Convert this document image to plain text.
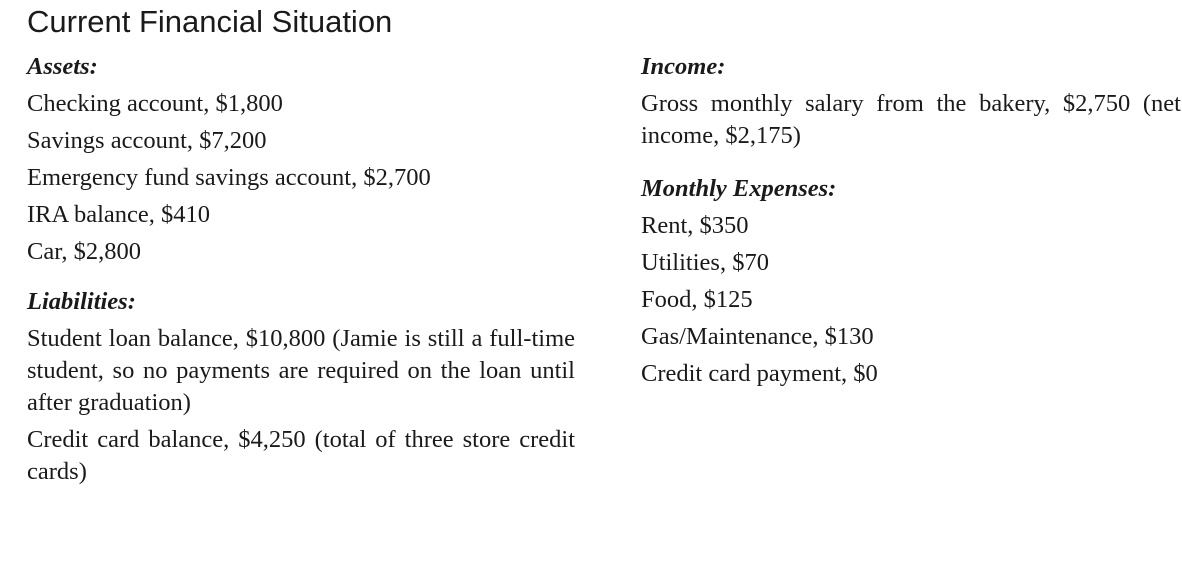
Current Financial Situation
Assets:
Checking account, $1,800
Savings account, $7,200
Emergency fund savings account, $2,700
IRA balance, $410
Car, $2,800
Liabilities:
Student loan balance, $10,800 (Jamie is still a full-time student, so no payments are required on the loan until after graduation)
Credit card balance, $4,250 (total of three store credit cards)
Income:
Gross monthly salary from the bakery, $2,750 (net income, $2,175)
Monthly Expenses:
Rent, $350
Utilities, $70
Food, $125
Gas/Maintenance, $130
Credit card payment, $0
